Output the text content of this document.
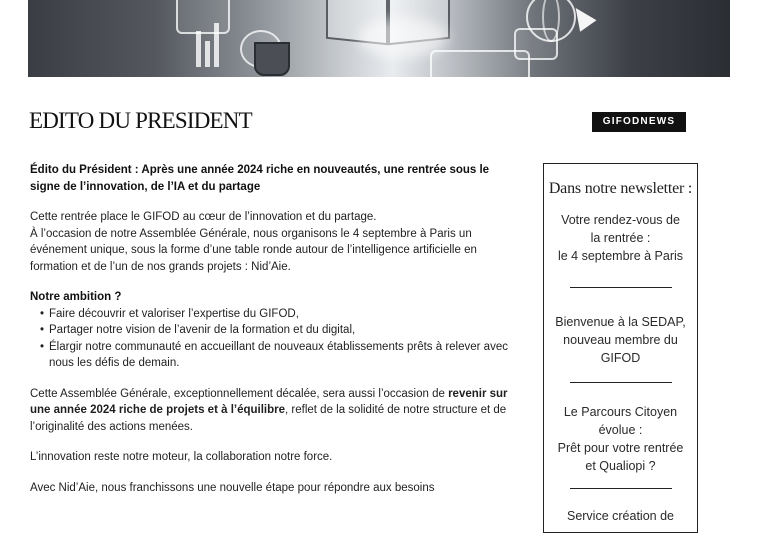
EDITO DU PRESIDENT	GIFODNEWS

Édito du Président : Après une année 2024 riche en nouveautés, une rentrée sous le signe de l’innovation, de l’IA et du partage

Cette rentrée place le GIFOD au cœur de l’innovation et du partage.

À l’occasion de notre Assemblée Générale, nous organisons le 4 septembre à Paris un événement unique, sous la forme d’une table ronde autour de l’intelligence artificielle en formation et de l’un de nos grands projets : Nid’Aie.

Notre ambition ?

• Faire découvrir et valoriser l’expertise du GIFOD,
• Partager notre vision de l’avenir de la formation et du digital,
• Élargir notre communauté en accueillant de nouveaux établissements prêts à relever avec nous les défis de demain.

Cette Assemblée Générale, exceptionnellement décalée, sera aussi l’occasion de revenir sur une année 2024 riche de projets et à l’équilibre, reflet de la solidité de notre structure et de l’originalité des actions menées.

L’innovation reste notre moteur, la collaboration notre force.

Avec Nid’Aie, nous franchissons une nouvelle étape pour répondre aux besoins

Dans notre newsletter :
Votre rendez-vous de
la rentrée :
le 4 septembre à Paris
Bienvenue à la SEDAP,
nouveau membre du
GIFOD
Le Parcours Citoyen
évolue :
Prêt pour votre rentrée
et Qualiopi ?
Service création de
